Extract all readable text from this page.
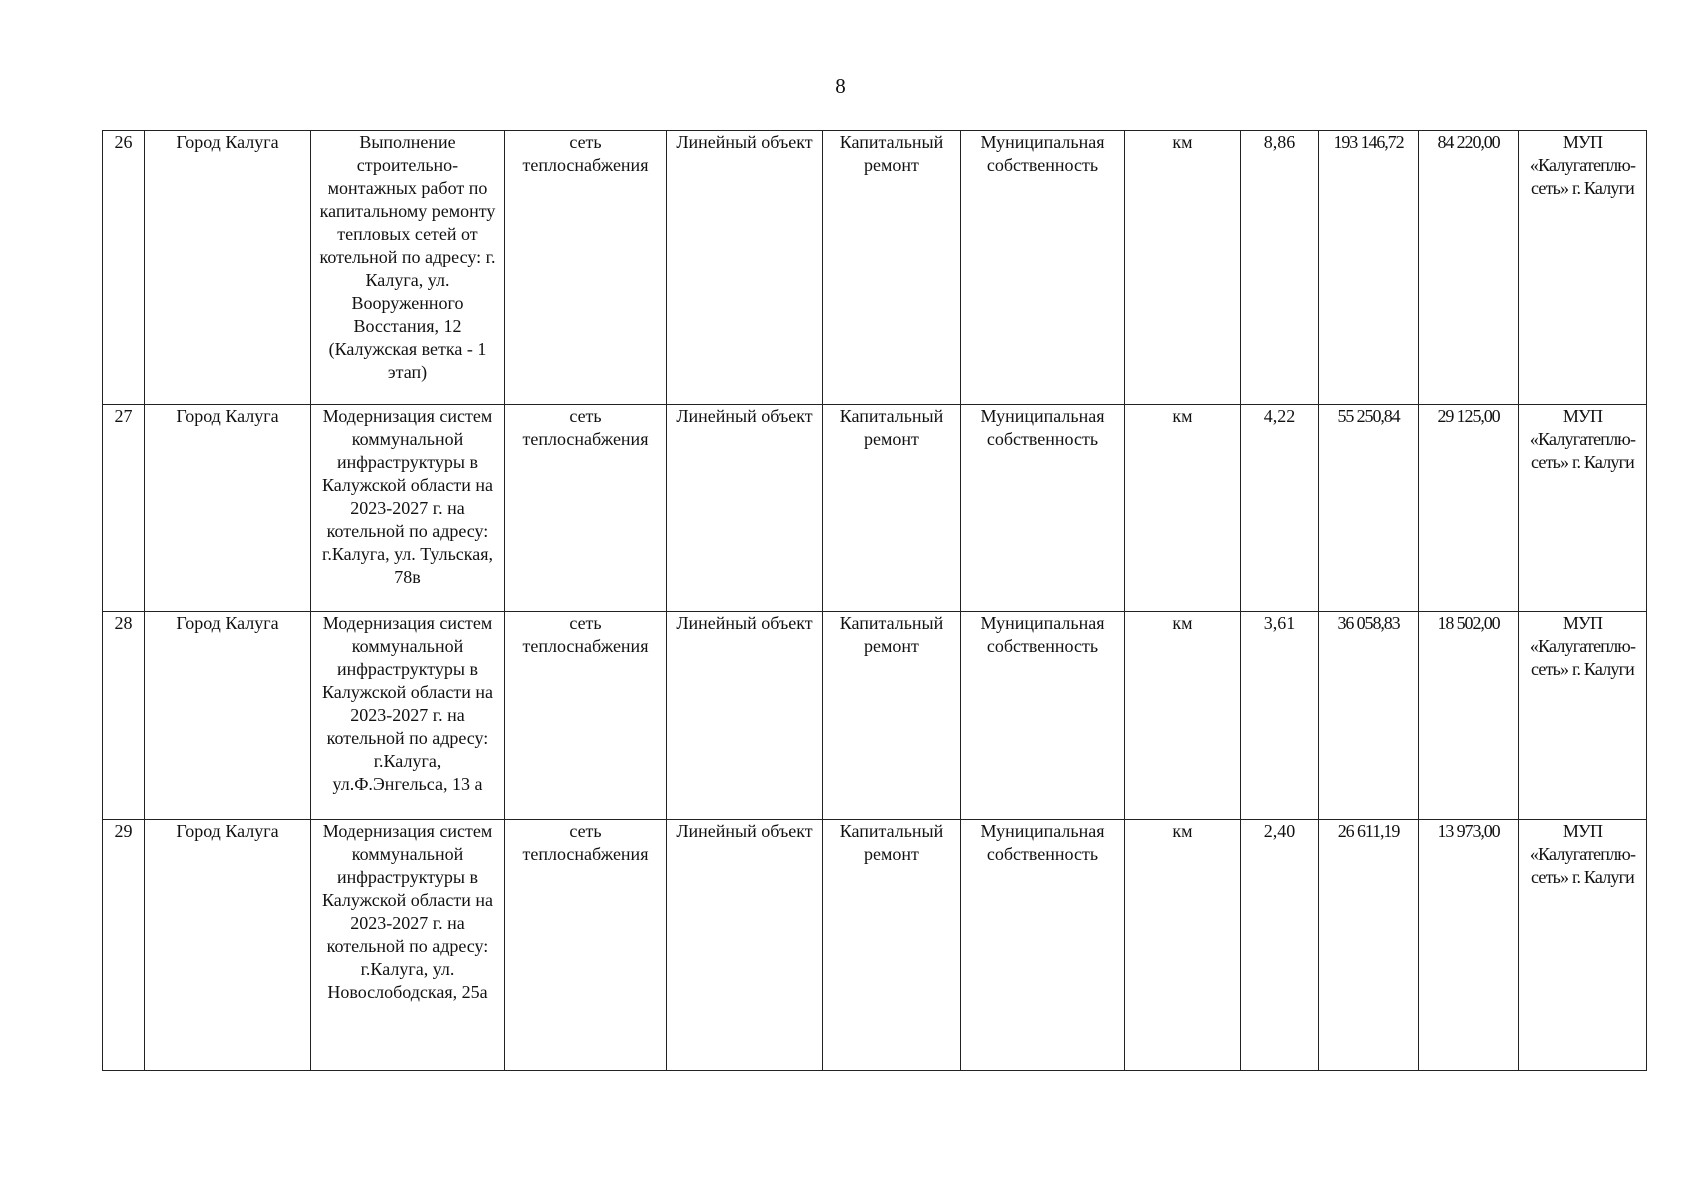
8
26	Город Калуга	Выполнение строительно-монтажных работ по капитальному ремонту тепловых сетей от котельной по адресу: г. Калуга, ул. Вооруженного Восстания, 12 (Калужская ветка - 1 этап)	сеть теплоснабжения	Линейный объект	Капитальный ремонт	Муниципальная собственность	км	8,86	193 146,72	84 220,00	МУП
«Калугатеплю-
сеть» г. Калуги

27	Город Калуга	Модернизация систем коммунальной инфраструктуры в Калужской области на 2023-2027 г. на котельной по адресу: г.Калуга, ул. Тульская, 78в	сеть теплоснабжения	Линейный объект	Капитальный ремонт	Муниципальная собственность	км	4,22	55 250,84	29 125,00	МУП
«Калугатеплю-
сеть» г. Калуги

28	Город Калуга	Модернизация систем коммунальной инфраструктуры в Калужской области на 2023-2027 г. на котельной по адресу: г.Калуга, ул.Ф.Энгельса, 13 а	сеть теплоснабжения	Линейный объект	Капитальный ремонт	Муниципальная собственность	км	3,61	36 058,83	18 502,00	МУП
«Калугатеплю-
сеть» г. Калуги

29	Город Калуга	Модернизация систем коммунальной инфраструктуры в Калужской области на 2023-2027 г. на котельной по адресу: г.Калуга, ул. Новослободская, 25а	сеть теплоснабжения	Линейный объект	Капитальный ремонт	Муниципальная собственность	км	2,40	26 611,19	13 973,00	МУП
«Калугатеплю-
сеть» г. Калуги
